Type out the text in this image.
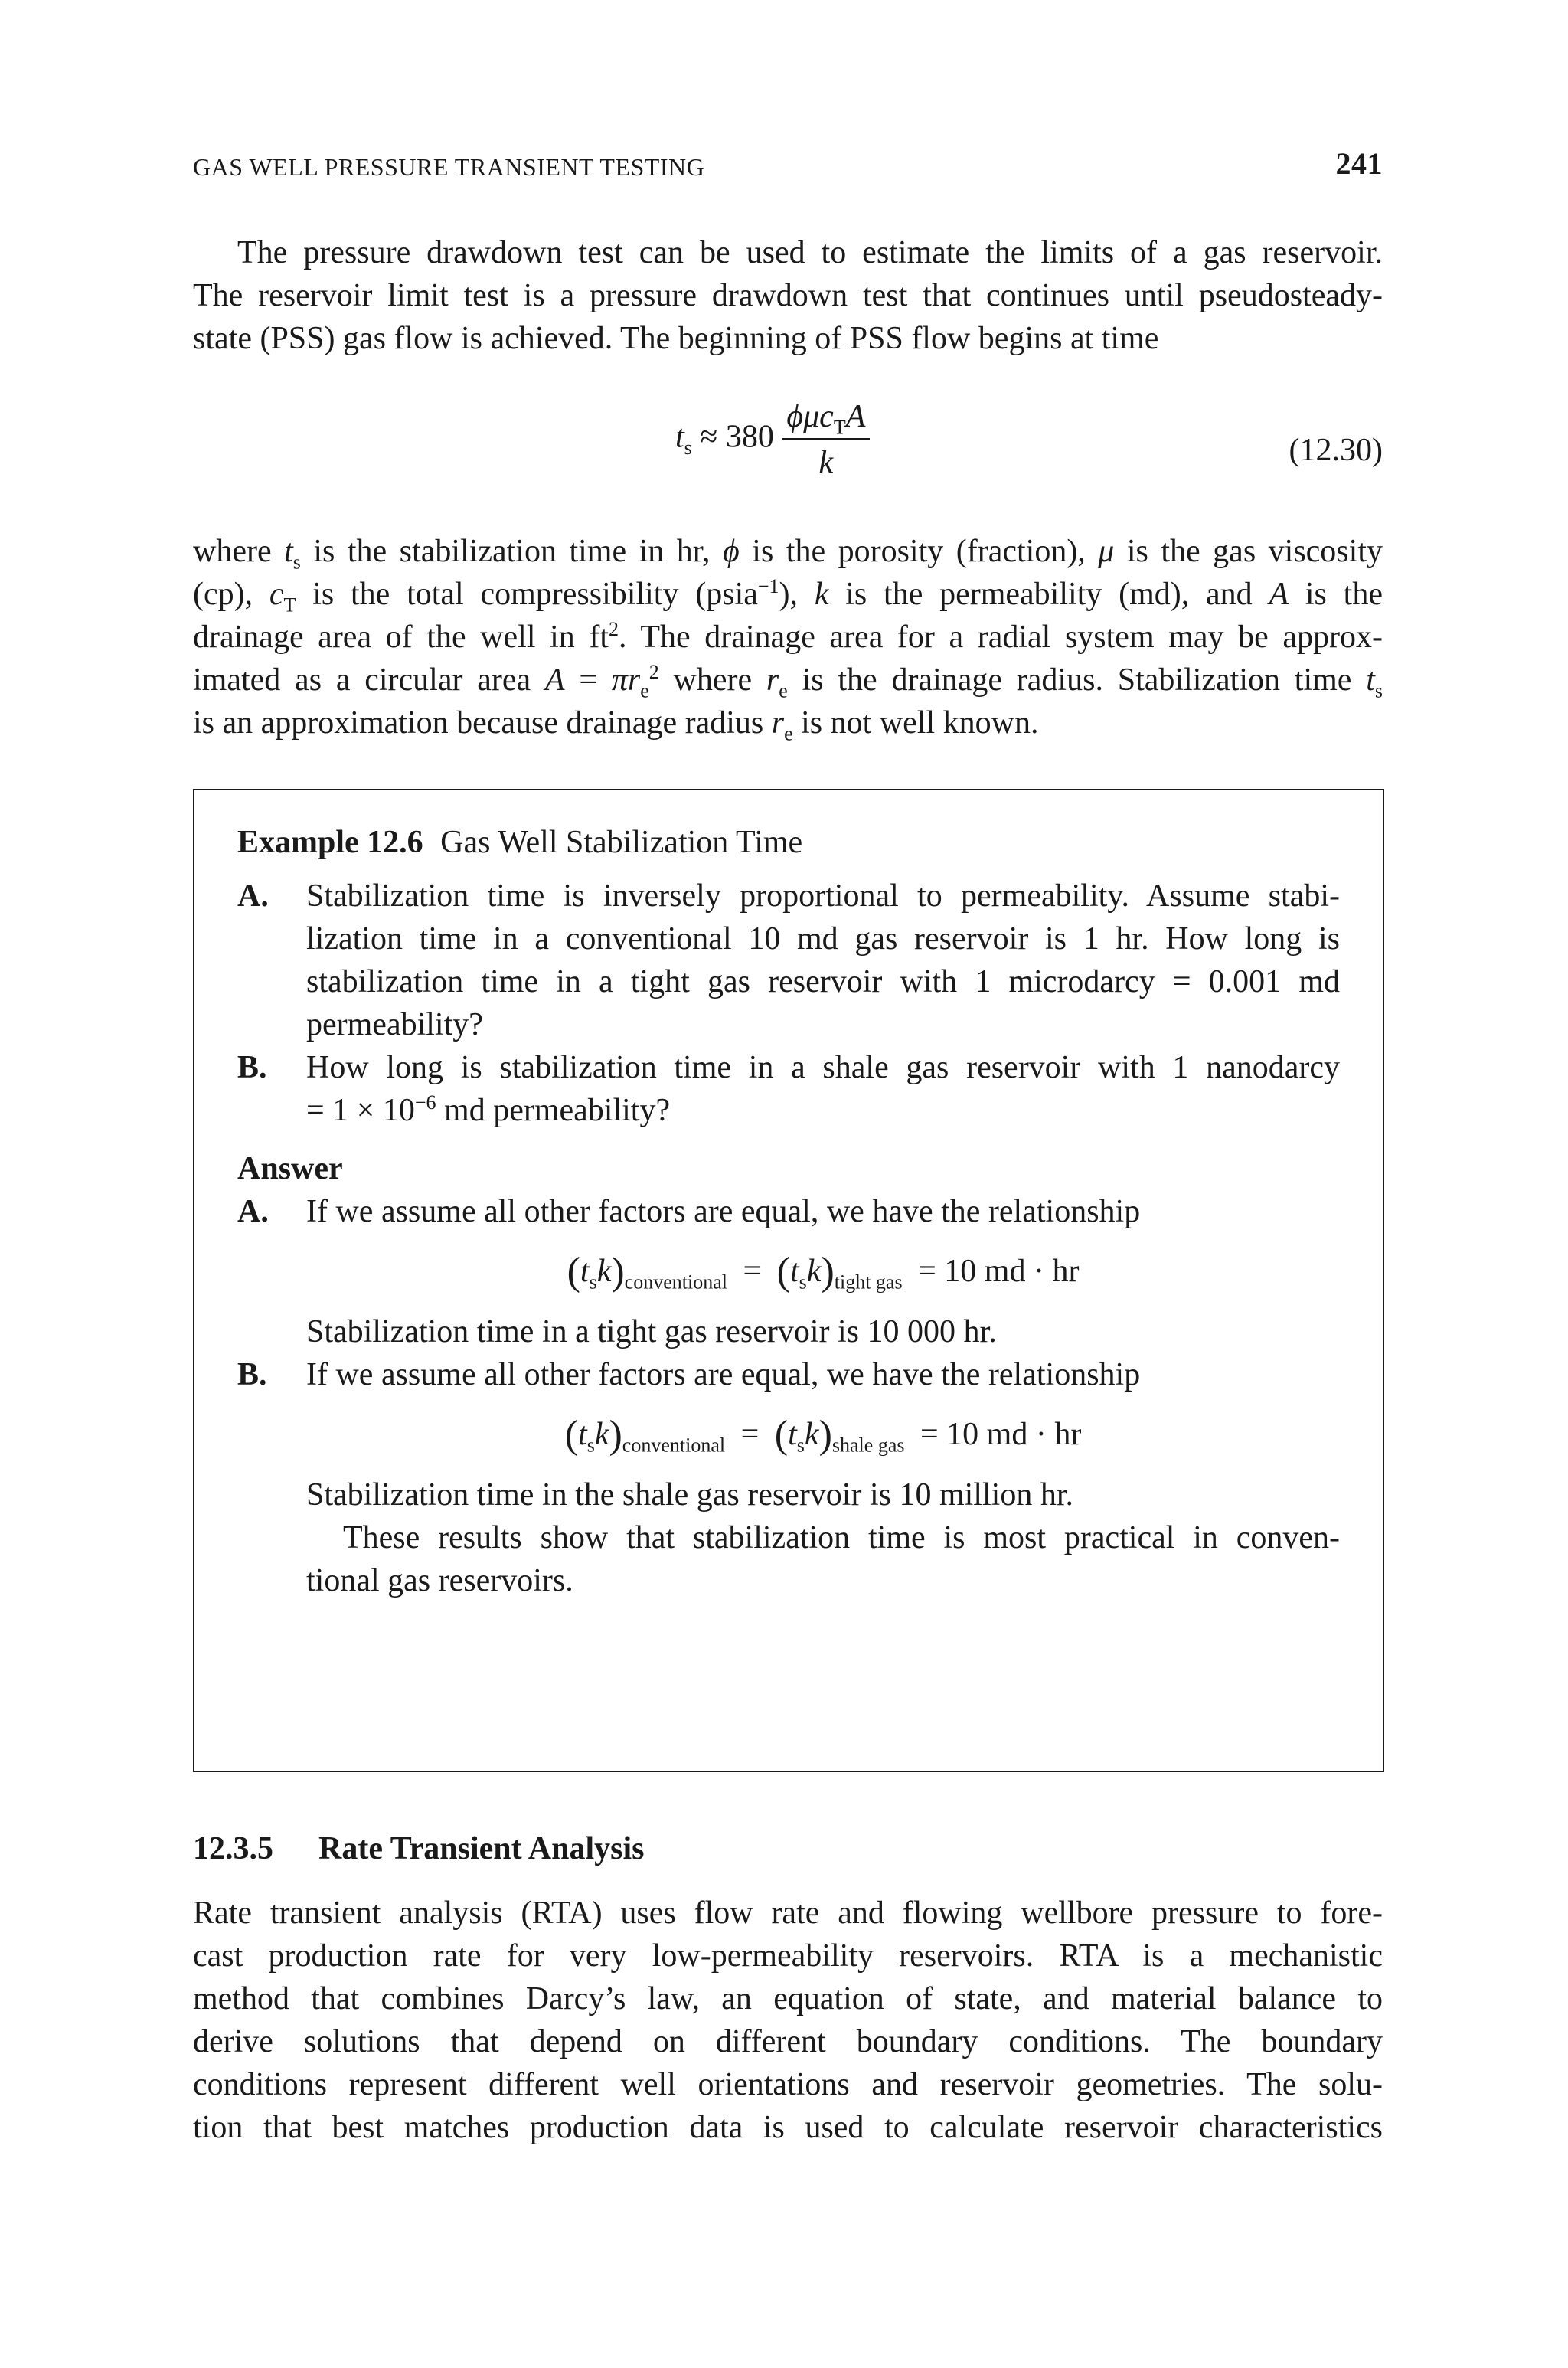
GAS WELL PRESSURE TRANSIENT TESTING	241
The pressure drawdown test can be used to estimate the limits of a gas reservoir.
The reservoir limit test is a pressure drawdown test that continues until pseudosteady-
state (PSS) gas flow is achieved. The beginning of PSS flow begins at time
$t_s \approx 380 \frac{\phi\mu c_TA}{k}$	(12.30)
where $t_s$ is the stabilization time in hr, ϕ is the porosity (fraction), μ is the gas viscosity
(cp), $c_T$ is the total compressibility (psia$^{-1}$), k is the permeability (md), and A is the
drainage area of the well in $ft^2$. The drainage area for a radial system may be approx-
imated as a circular area $A = \pi r_e^2$ where $r_e$ is the drainage radius. Stabilization time $t_s$
is an approximation because drainage radius $r_e$ is not well known.
Example 12.6 Gas Well Stabilization Time
A. Stabilization time is inversely proportional to permeability. Assume stabi-
lization time in a conventional 10 md gas reservoir is 1 hr. How long is
stabilization time in a tight gas reservoir with 1 microdarcy = 0.001 md
permeability?
B. How long is stabilization time in a shale gas reservoir with 1 nanodarcy
= $1 \times 10^{-6}$ md permeability?
Answer
A. If we assume all other factors are equal, we have the relationship
$(t_sk)_{conventional} = (t_sk)_{tight gas} = 10$ md · hr
Stabilization time in a tight gas reservoir is 10 000 hr.
B. If we assume all other factors are equal, we have the relationship
$(t_sk)_{conventional} = (t_sk)_{shale gas} = 10$ md · hr
Stabilization time in the shale gas reservoir is 10 million hr.
These results show that stabilization time is most practical in conven-
tional gas reservoirs.
12.3.5 Rate Transient Analysis
Rate transient analysis (RTA) uses flow rate and flowing wellbore pressure to fore-
cast production rate for very low-permeability reservoirs. RTA is a mechanistic
method that combines Darcy’s law, an equation of state, and material balance to
derive solutions that depend on different boundary conditions. The boundary
conditions represent different well orientations and reservoir geometries. The solu-
tion that best matches production data is used to calculate reservoir characteristics
